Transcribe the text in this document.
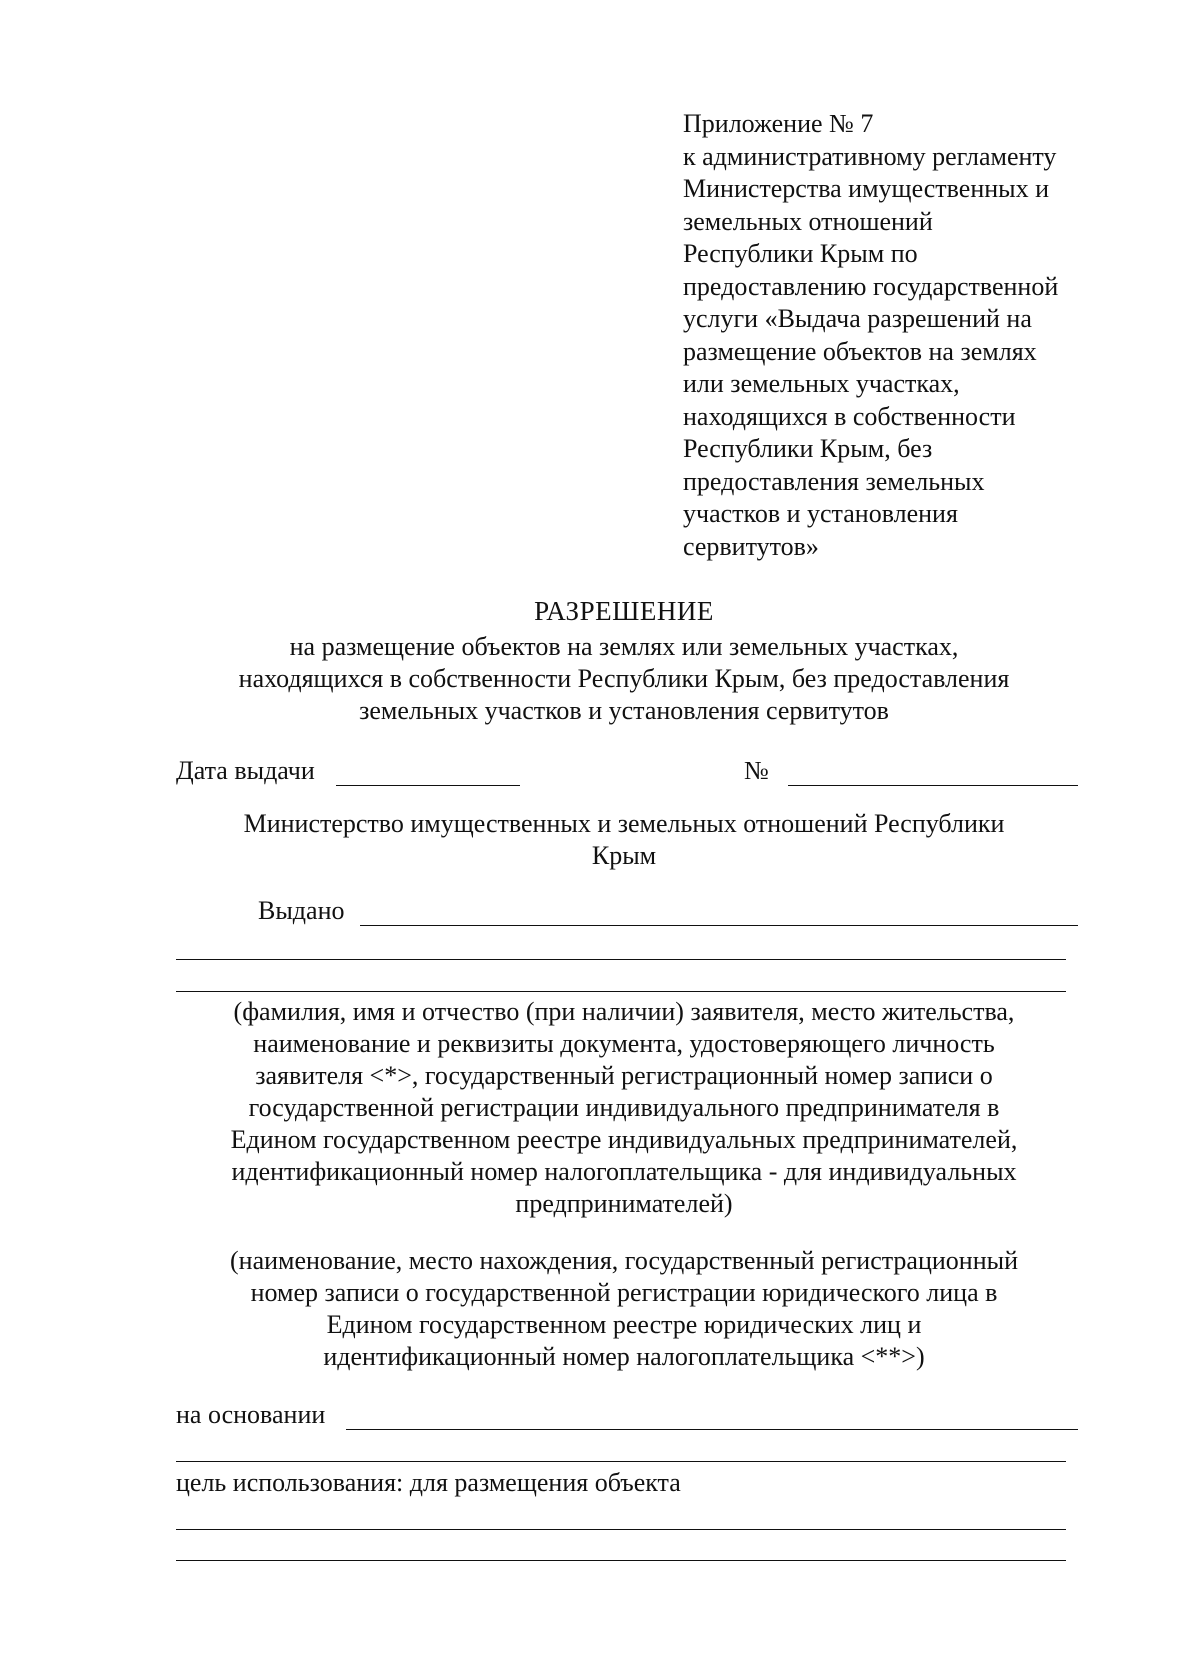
Приложение № 7
к административному регламенту
Министерства имущественных и
земельных отношений
Республики Крым по
предоставлению государственной
услуги «Выдача разрешений на
размещение объектов на землях
или земельных участках,
находящихся в собственности
Республики Крым, без
предоставления земельных
участков и установления
сервитутов»
РАЗРЕШЕНИЕ
на размещение объектов на землях или земельных участках,
находящихся в собственности Республики Крым, без предоставления
земельных участков и установления сервитутов
Дата выдачи	№
Министерство имущественных и земельных отношений Республики
Крым
Выдано
(фамилия, имя и отчество (при наличии) заявителя, место жительства,
наименование и реквизиты документа, удостоверяющего личность
заявителя <*>, государственный регистрационный номер записи о
государственной регистрации индивидуального предпринимателя в
Едином государственном реестре индивидуальных предпринимателей,
идентификационный номер налогоплательщика - для индивидуальных
предпринимателей)
(наименование, место нахождения, государственный регистрационный
номер записи о государственной регистрации юридического лица в
Едином государственном реестре юридических лиц и
идентификационный номер налогоплательщика <**>)
на основании
цель использования: для размещения объекта
